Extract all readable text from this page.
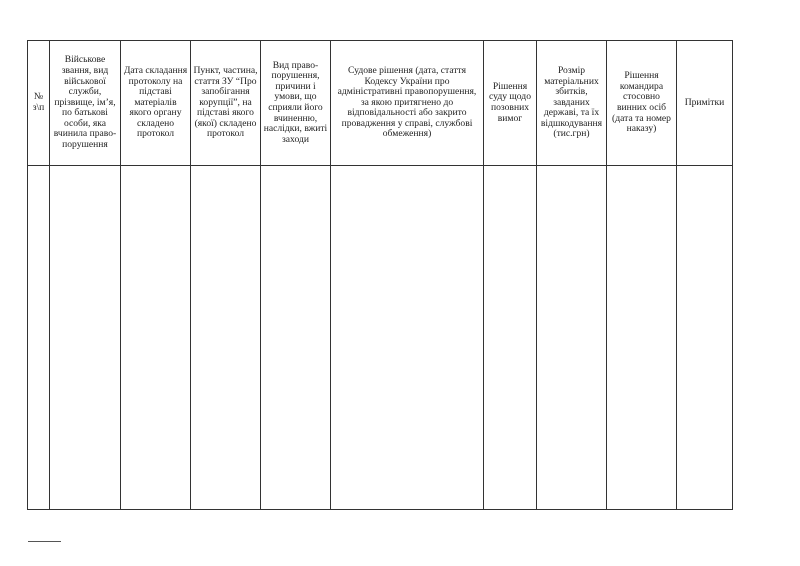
№ з\п	Військове звання, вид військової служби, прізвище, ім’я, по батькові особи, яка вчинила правопорушення	Дата складання протоколу на підставі матеріалів якого органу складено протокол	Пункт, частина, стаття ЗУ “Про запобігання корупції”, на підставі якого (якої) складено протокол	Вид правопорушення, причини і умови, що сприяли його вчиненню, наслідки, вжиті заходи	Судове рішення (дата, стаття Кодексу України про адміністративні правопорушення, за якою притягнено до відповідальності або закрито провадження у справі, службові обмеження)	Рішення суду щодо позовних вимог	Розмір матеріальних збитків, завданих державі, та їх відшкодування (тис.грн)	Рішення командира стосовно винних осіб (дата та номер наказу)	Примітки
